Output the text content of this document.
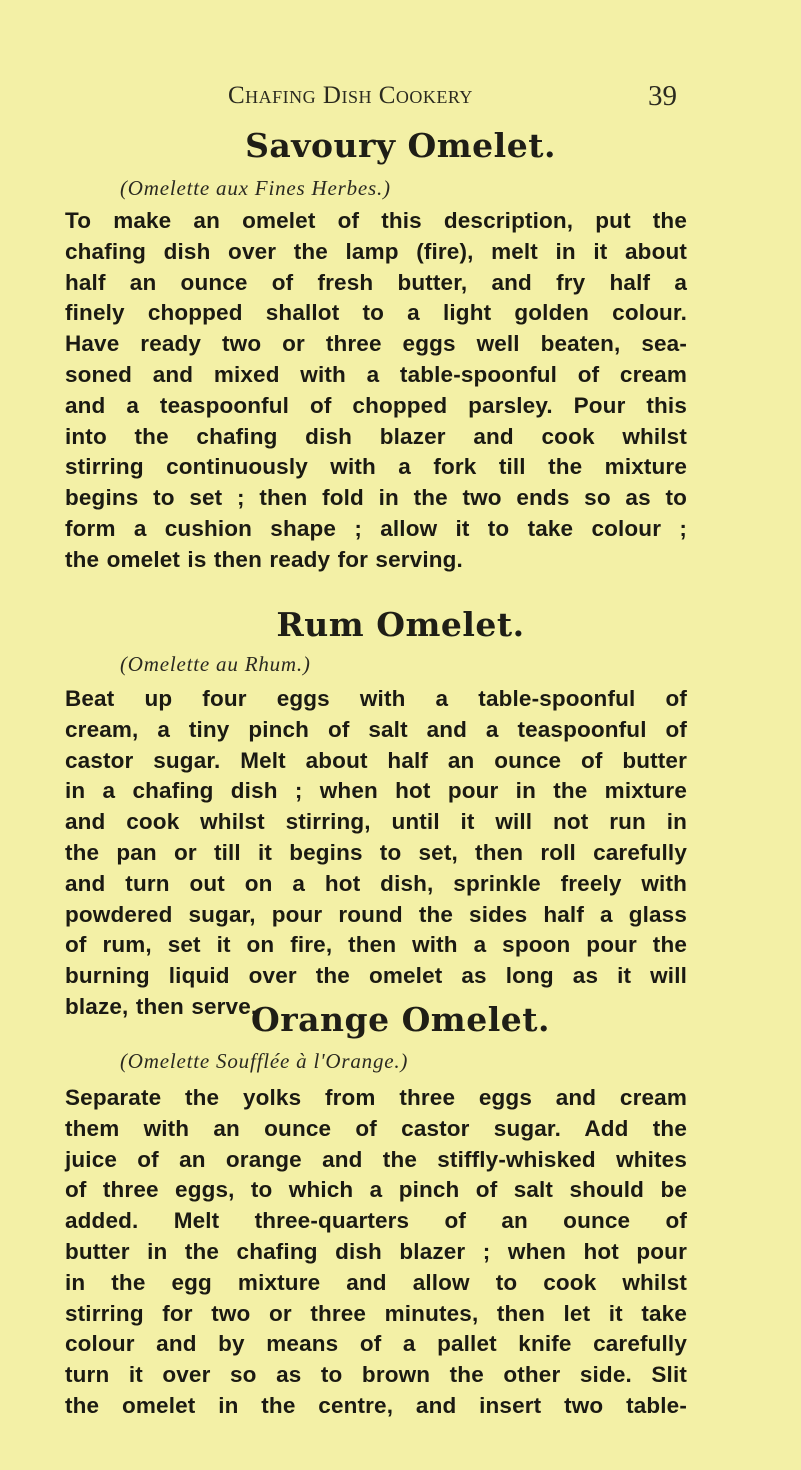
Chafing Dish Cookery	39
Savoury Omelet.
(Omelette aux Fines Herbes.)
To make an omelet of this description, put the
chafing dish over the lamp (fire), melt in it about
half an ounce of fresh butter, and fry half a
finely chopped shallot to a light golden colour.
Have ready two or three eggs well beaten, sea-
soned and mixed with a table-spoonful of cream
and a teaspoonful of chopped parsley. Pour this
into the chafing dish blazer and cook whilst
stirring continuously with a fork till the mixture
begins to set ; then fold in the two ends so as to
form a cushion shape ; allow it to take colour ;
the omelet is then ready for serving.
Rum Omelet.
(Omelette au Rhum.)
Beat up four eggs with a table-spoonful of
cream, a tiny pinch of salt and a teaspoonful of
castor sugar. Melt about half an ounce of butter
in a chafing dish ; when hot pour in the mixture
and cook whilst stirring, until it will not run in
the pan or till it begins to set, then roll carefully
and turn out on a hot dish, sprinkle freely with
powdered sugar, pour round the sides half a glass
of rum, set it on fire, then with a spoon pour the
burning liquid over the omelet as long as it will
blaze, then serve.
Orange Omelet.
(Omelette Soufflée à l'Orange.)
Separate the yolks from three eggs and cream
them with an ounce of castor sugar. Add the
juice of an orange and the stiffly-whisked whites
of three eggs, to which a pinch of salt should be
added. Melt three-quarters of an ounce of
butter in the chafing dish blazer ; when hot pour
in the egg mixture and allow to cook whilst
stirring for two or three minutes, then let it take
colour and by means of a pallet knife carefully
turn it over so as to brown the other side. Slit
the omelet in the centre, and insert two table-
